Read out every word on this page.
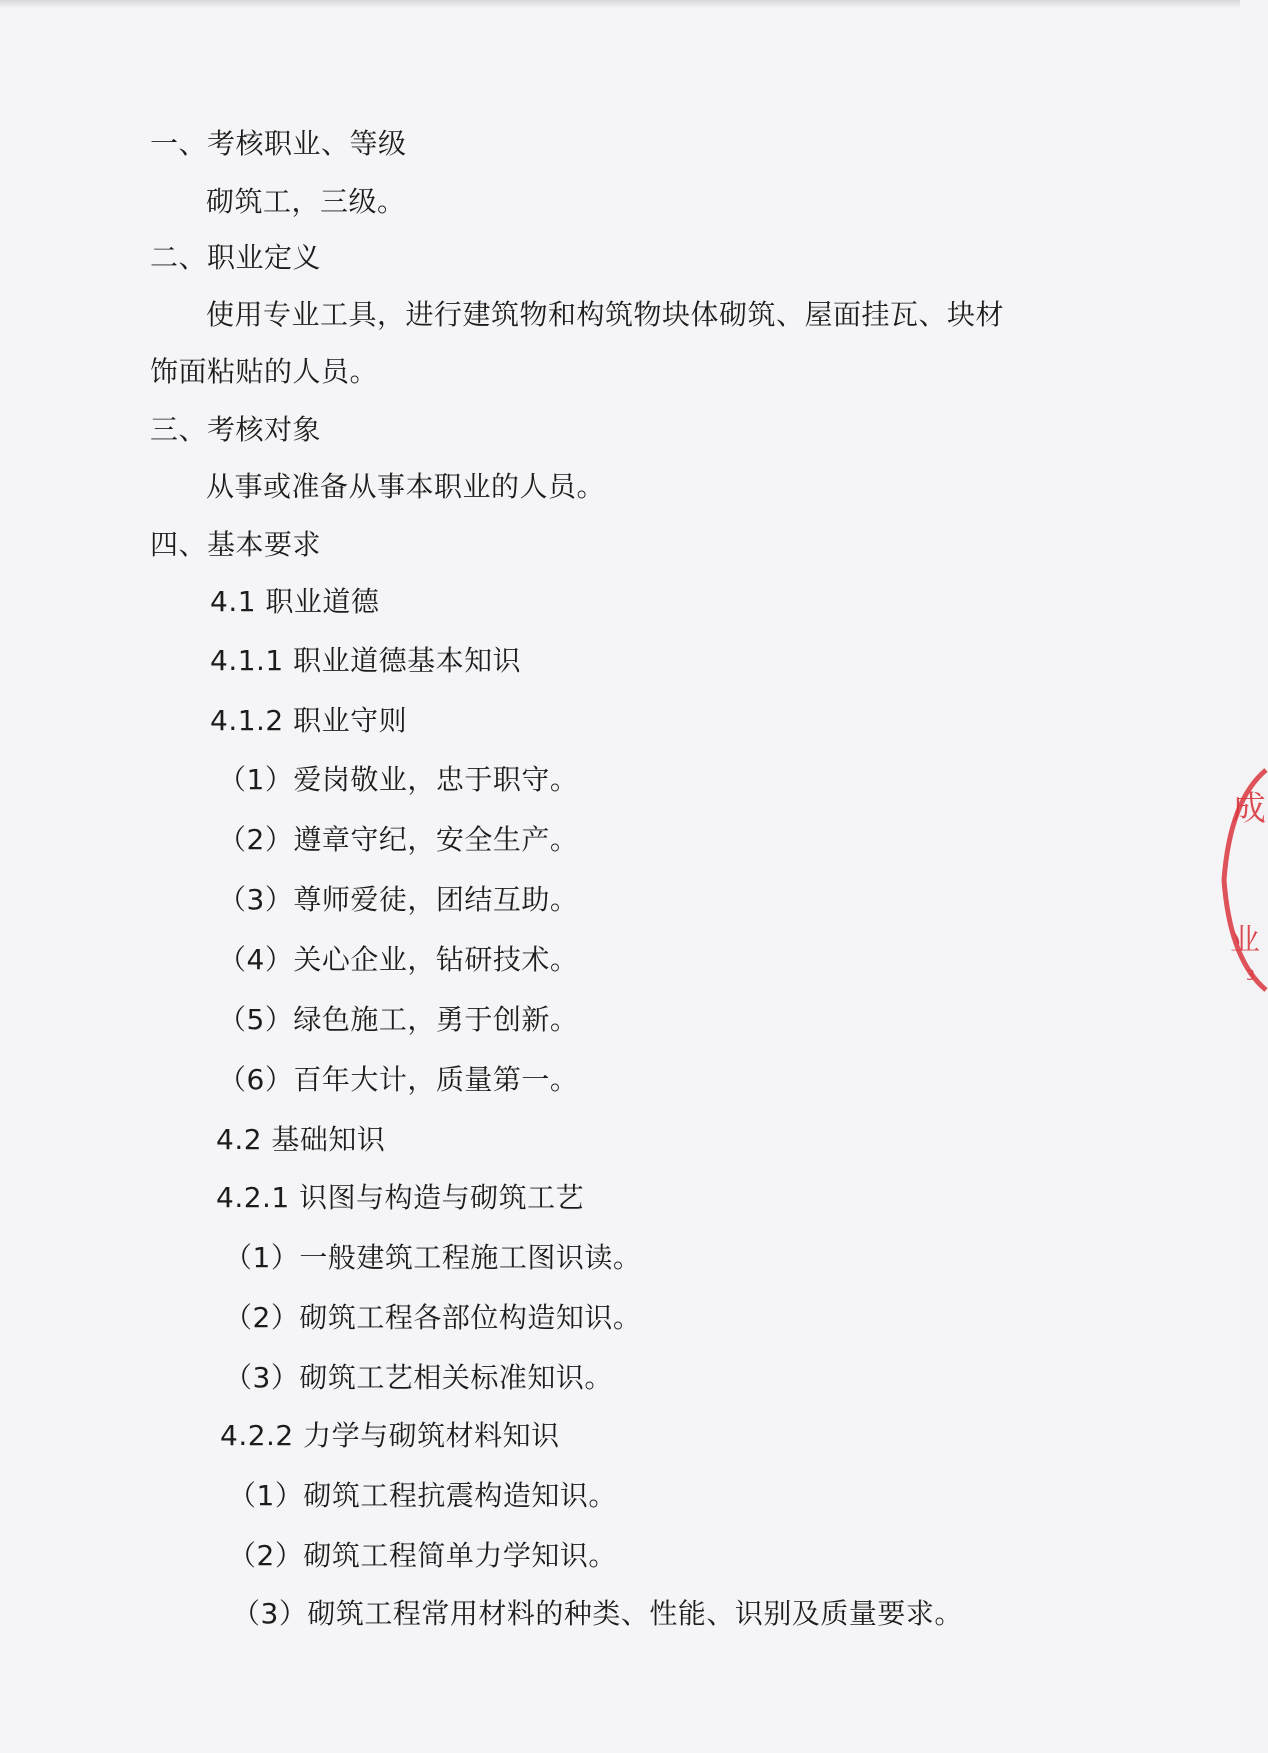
一、考核职业、等级
砌筑工，三级。
二、职业定义
使用专业工具，进行建筑物和构筑物块体砌筑、屋面挂瓦、块材
饰面粘贴的人员。
三、考核对象
从事或准备从事本职业的人员。
四、基本要求
4.1 职业道德
4.1.1 职业道德基本知识
4.1.2 职业守则
（1）爱岗敬业，忠于职守。
（2）遵章守纪，安全生产。
（3）尊师爱徒，团结互助。
（4）关心企业，钻研技术。
（5）绿色施工，勇于创新。
（6）百年大计，质量第一。
4.2 基础知识
4.2.1 识图与构造与砌筑工艺
（1）一般建筑工程施工图识读。
（2）砌筑工程各部位构造知识。
（3）砌筑工艺相关标准知识。
4.2.2 力学与砌筑材料知识
（1）砌筑工程抗震构造知识。
（2）砌筑工程简单力学知识。
（3）砌筑工程常用材料的种类、性能、识别及质量要求。
成
业
3
